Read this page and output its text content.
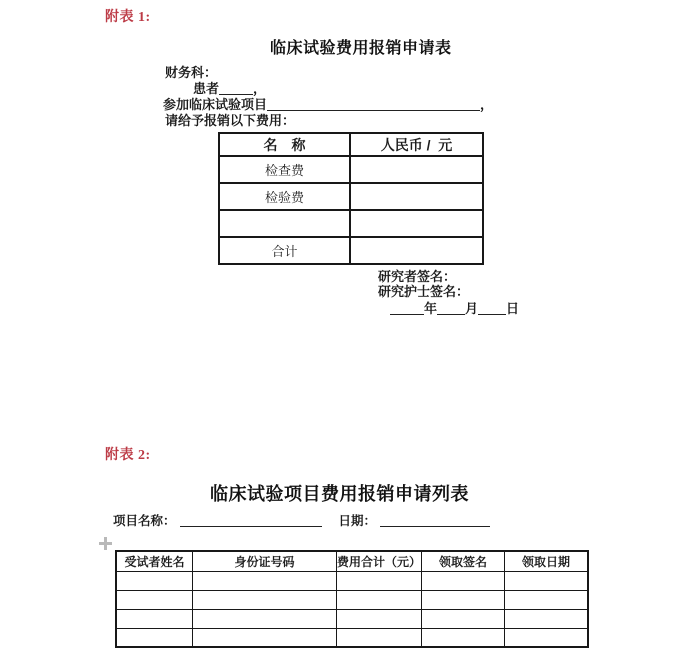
附表 1:
临床试验费用报销申请表
财务科：
患者	，
参加临床试验项目	，
请给予报销以下费用：
名　称	人民币 /  元
检查费	
检验费	

合计	
研究者签名：
研究护士签名：
年 月 日
附表 2:
临床试验项目费用报销申请列表
项目名称：	日期：
受试者姓名	身份证号码	费用合计（元）	领取签名	领取日期
